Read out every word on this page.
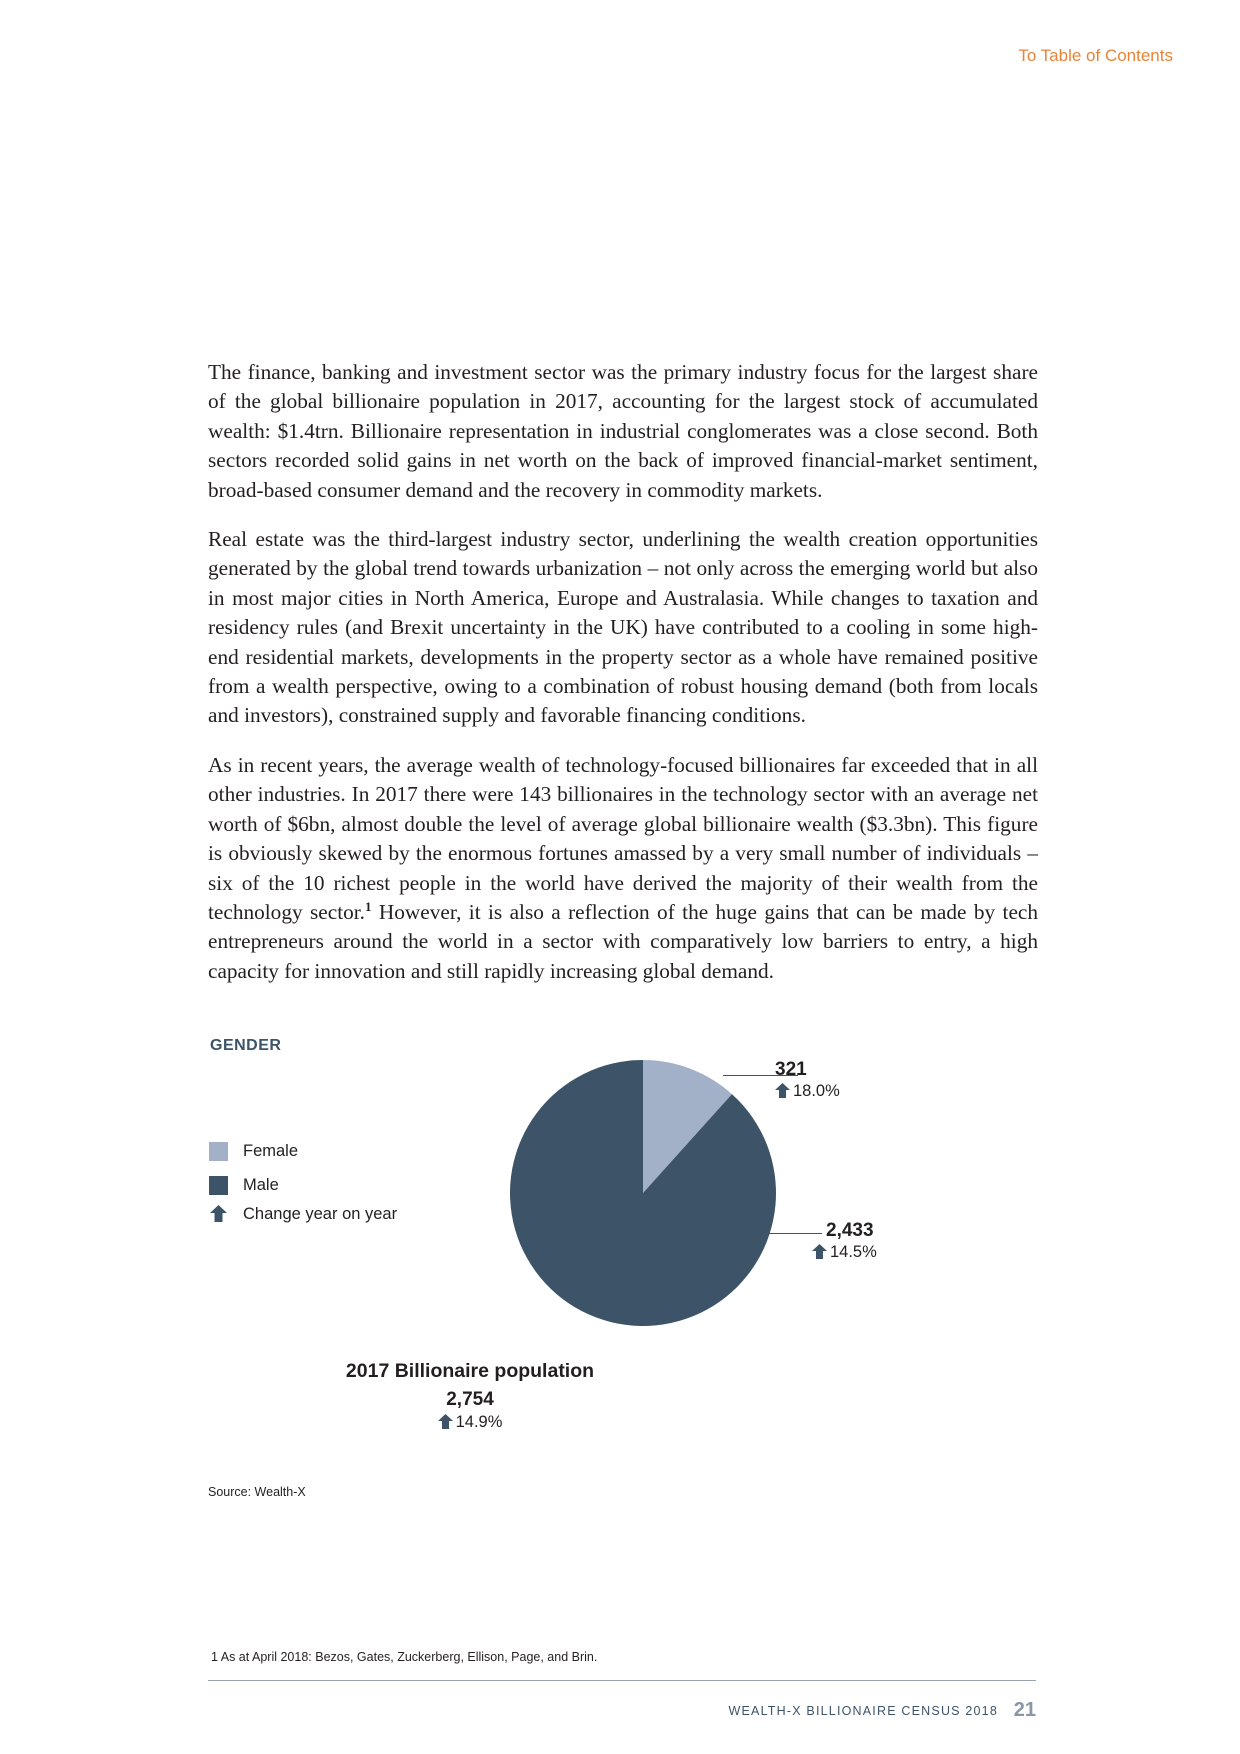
To Table of Contents

The finance, banking and investment sector was the primary industry focus for the largest share of the global billionaire population in 2017, accounting for the largest stock of accumulated wealth: $1.4trn. Billionaire representation in industrial conglomerates was a close second. Both sectors recorded solid gains in net worth on the back of improved financial-market sentiment, broad-based consumer demand and the recovery in commodity markets.

Real estate was the third-largest industry sector, underlining the wealth creation opportunities generated by the global trend towards urbanization – not only across the emerging world but also in most major cities in North America, Europe and Australasia. While changes to taxation and residency rules (and Brexit uncertainty in the UK) have contributed to a cooling in some high-end residential markets, developments in the property sector as a whole have remained positive from a wealth perspective, owing to a combination of robust housing demand (both from locals and investors), constrained supply and favorable financing conditions.

As in recent years, the average wealth of technology-focused billionaires far exceeded that in all other industries. In 2017 there were 143 billionaires in the technology sector with an average net worth of $6bn, almost double the level of average global billionaire wealth ($3.3bn). This figure is obviously skewed by the enormous fortunes amassed by a very small number of individuals – six of the 10 richest people in the world have derived the majority of their wealth from the technology sector.$^1$ However, it is also a reflection of the huge gains that can be made by tech entrepreneurs around the world in a sector with comparatively low barriers to entry, a high capacity for innovation and still rapidly increasing global demand.

GENDER
Female
Male
Change year on year
321
18.0%
2,433
14.5%
2017 Billionaire population
2,754
14.9%
Source: Wealth-X
1 As at April 2018: Bezos, Gates, Zuckerberg, Ellison, Page, and Brin.
WEALTH-X BILLIONAIRE CENSUS 2018 21
